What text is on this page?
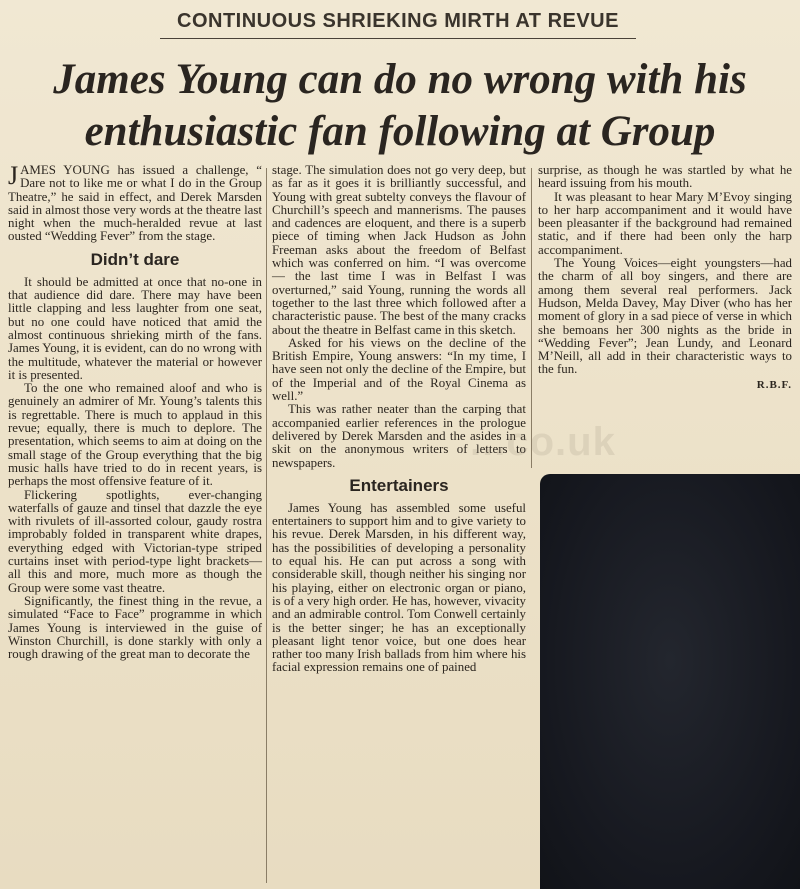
CONTINUOUS SHRIEKING MIRTH AT REVUE
James Young can do no wrong with his
enthusiastic fan following at Group

JAMES YOUNG has issued a challenge, “ Dare not to like me or what I do in the Group Theatre,” he said in effect, and Derek Marsden said in almost those very words at the theatre last night when the much-heralded revue at last ousted “Wedding Fever” from the stage.

Didn’t dare

It should be admitted at once that no-one in that audience did dare. There may have been little clapping and less laughter from one seat, but no one could have noticed that amid the almost continuous shrieking mirth of the fans. James Young, it is evident, can do no wrong with the multitude, whatever the material or however it is presented.

To the one who remained aloof and who is genuinely an admirer of Mr. Young’s talents this is regrettable. There is much to applaud in this revue; equally, there is much to deplore. The presentation, which seems to aim at doing on the small stage of the Group everything that the big music halls have tried to do in recent years, is perhaps the most offensive feature of it.

Flickering spotlights, ever-changing waterfalls of gauze and tinsel that dazzle the eye with rivulets of ill-assorted colour, gaudy rostra improbably folded in transparent white drapes, everything edged with Victorian-type striped curtains inset with period-type light brackets—all this and more, much more as though the Group were some vast theatre.

Significantly, the finest thing in the revue, a simulated “Face to Face” programme in which James Young is interviewed in the guise of Winston Churchill, is done starkly with only a rough drawing of the great man to decorate the

stage. The simulation does not go very deep, but as far as it goes it is brilliantly successful, and Young with great subtelty conveys the flavour of Churchill’s speech and mannerisms. The pauses and cadences are eloquent, and there is a superb piece of timing when Jack Hudson as John Freeman asks about the freedom of Belfast which was conferred on him. “I was overcome — the last time I was in Belfast I was overturned,” said Young, running the words all together to the last three which followed after a characteristic pause. The best of the many cracks about the theatre in Belfast came in this sketch.

Asked for his views on the decline of the British Empire, Young answers: “In my time, I have seen not only the decline of the Empire, but of the Imperial and of the Royal Cinema as well.”

This was rather neater than the carping that accompanied earlier references in the prologue delivered by Derek Marsden and the asides in a skit on the anonymous writers of letters to newspapers.

Entertainers

James Young has assembled some useful entertainers to support him and to give variety to his revue. Derek Marsden, in his different way, has the possibilities of developing a personality to equal his. He can put across a song with considerable skill, though neither his singing nor his playing, either on electronic organ or piano, is of a very high order. He has, however, vivacity and an admirable control. Tom Conwell certainly is the better singer; he has an exceptionally pleasant light tenor voice, but one does hear rather too many Irish ballads from him where his facial expression remains one of pained

surprise, as though he was startled by what he heard issuing from his mouth.

It was pleasant to hear Mary M’Evoy singing to her harp accompaniment and it would have been pleasanter if the background had remained static, and if there had been only the harp accompaniment.

The Young Voices—eight youngsters—had the charm of all boy singers, and there are among them several real performers. Jack Hudson, Melda Davey, May Diver (who has her moment of glory in a sad piece of verse in which she bemoans her 300 nights as the bride in “Wedding Fever”; Jean Lundy, and Leonard M’Neill, all add in their characteristic ways to the fun.

R.B.F.
...co.uk
